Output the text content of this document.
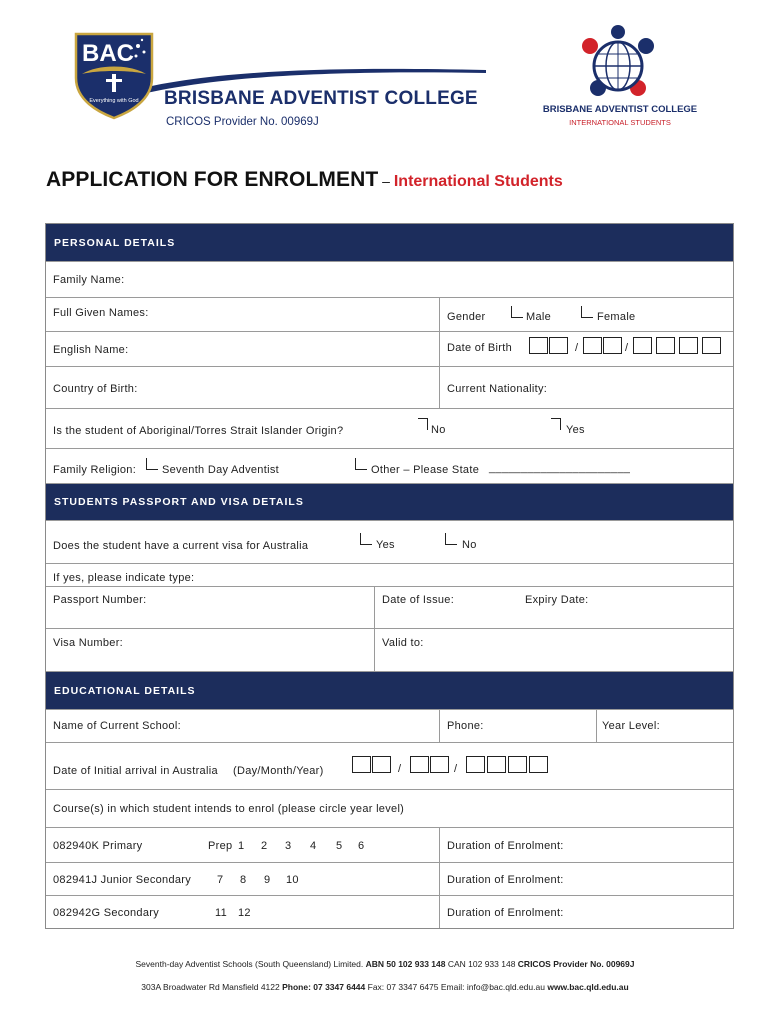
BAC
Everything with God BRISBANE ADVENTIST COLLEGE
CRICOS Provider No. 00969J
BRISBANE ADVENTIST COLLEGE
INTERNATIONAL STUDENTS
APPLICATION FOR ENROLMENT – International Students
PERSONAL DETAILS
Family Name:
Full Given Names:	Gender	Male	Female
English Name:	Date of Birth	/	/
Country of Birth:	Current Nationality:
Is the student of Aboriginal/Torres Strait Islander Origin?	No	Yes
Family Religion: Seventh Day Adventist	Other – Please State ______________________
STUDENTS PASSPORT AND VISA DETAILS
Does the student have a current visa for Australia	Yes	No
If yes, please indicate type:
Passport Number:	Date of Issue:	Expiry Date:
Visa Number:	Valid to:
EDUCATIONAL DETAILS
Name of Current School:	Phone:	Year Level:
Date of Initial arrival in Australia (Day/Month/Year)	/	/
Course(s) in which student intends to enrol (please circle year level)
082940K Primary	Prep 1 2 3 4 5 6	Duration of Enrolment:
082941J Junior Secondary 7 8 9 10	Duration of Enrolment:
082942G Secondary	11 12	Duration of Enrolment:
Seventh-day Adventist Schools (South Queensland) Limited. ABN 50 102 933 148 CAN 102 933 148 CRICOS Provider No. 00969J
303A Broadwater Rd Mansfield 4122 Phone: 07 3347 6444 Fax: 07 3347 6475 Email: info@bac.qld.edu.au www.bac.qld.edu.au
